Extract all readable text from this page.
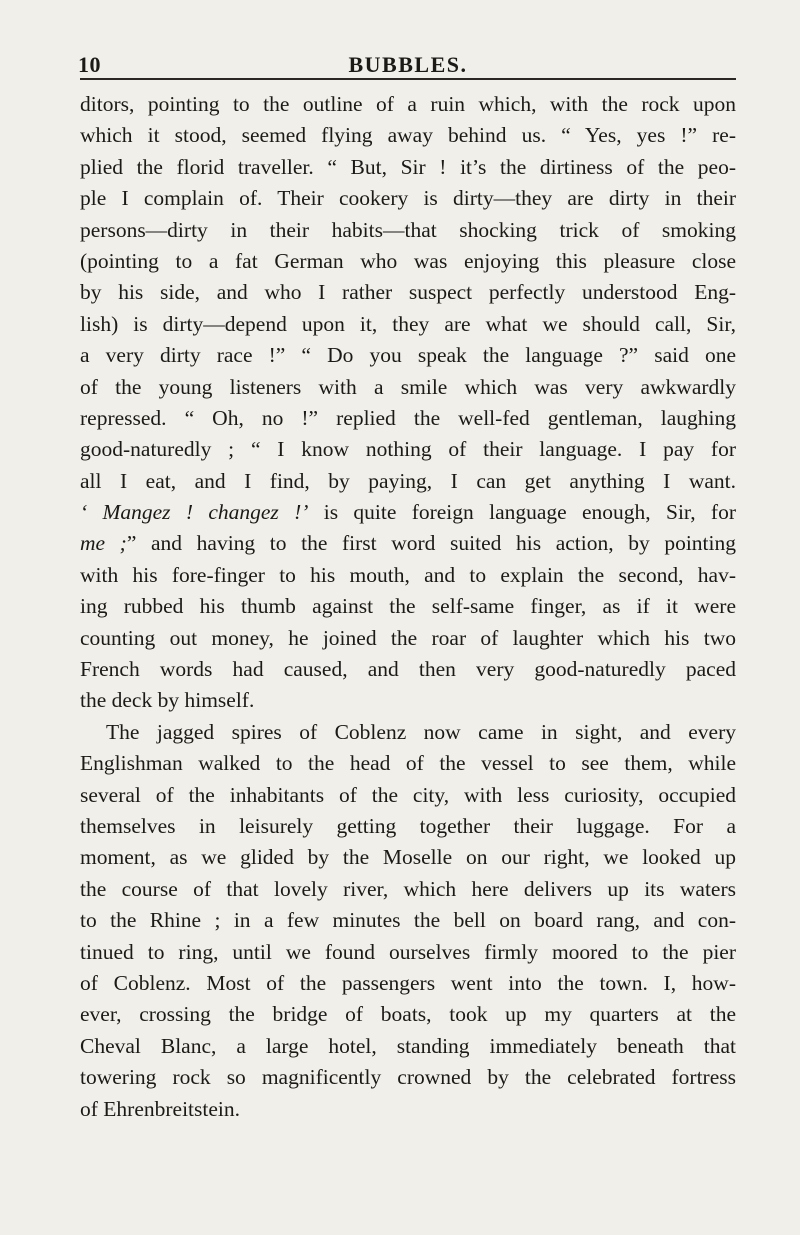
10	BUBBLES.
ditors, pointing to the outline of a ruin which, with the rock upon
which it stood, seemed flying away behind us. “ Yes, yes !” re-
plied the florid traveller. “ But, Sir ! it’s the dirtiness of the peo-
ple I complain of. Their cookery is dirty—they are dirty in their
persons—dirty in their habits—that shocking trick of smoking
(pointing to a fat German who was enjoying this pleasure close
by his side, and who I rather suspect perfectly understood Eng-
lish) is dirty—depend upon it, they are what we should call, Sir,
a very dirty race !” “ Do you speak the language ?” said one
of the young listeners with a smile which was very awkwardly
repressed. “ Oh, no !” replied the well-fed gentleman, laughing
good-naturedly ; “ I know nothing of their language. I pay for
all I eat, and I find, by paying, I can get anything I want.
‘ Mangez ! changez !’ is quite foreign language enough, Sir, for
me ;” and having to the first word suited his action, by pointing
with his fore-finger to his mouth, and to explain the second, hav-
ing rubbed his thumb against the self-same finger, as if it were
counting out money, he joined the roar of laughter which his two
French words had caused, and then very good-naturedly paced
the deck by himself.
The jagged spires of Coblenz now came in sight, and every
Englishman walked to the head of the vessel to see them, while
several of the inhabitants of the city, with less curiosity, occupied
themselves in leisurely getting together their luggage. For a
moment, as we glided by the Moselle on our right, we looked up
the course of that lovely river, which here delivers up its waters
to the Rhine ; in a few minutes the bell on board rang, and con-
tinued to ring, until we found ourselves firmly moored to the pier
of Coblenz. Most of the passengers went into the town. I, how-
ever, crossing the bridge of boats, took up my quarters at the
Cheval Blanc, a large hotel, standing immediately beneath that
towering rock so magnificently crowned by the celebrated fortress
of Ehrenbreitstein.
